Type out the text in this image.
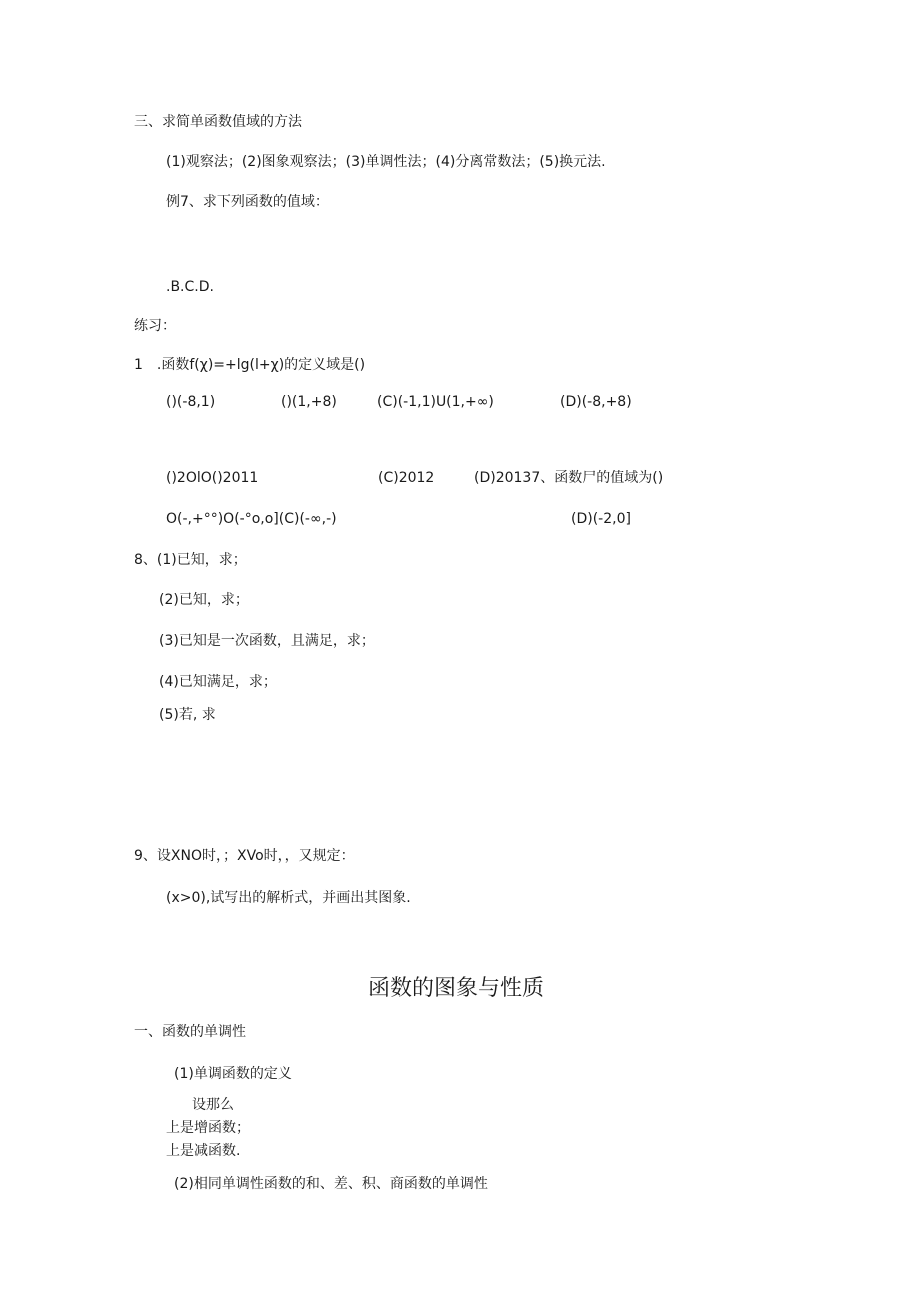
三、求简单函数值域的方法
(1)观察法；(2)图象观察法；(3)单调性法；(4)分离常数法；(5)换元法.
例7、求下列函数的值域：
.B.C.D.
练习：
1　.函数f(χ)=+lg(l+χ)的定义域是()
()(-8,1)	()(1,+8)	(C)(-1,1)U(1,+∞)	(D)(-8,+8)
()2OlO()2011	(C)2012	(D)20137、函数尸的值域为()
O(-,+°°)O(-°o,o](C)(-∞,-)	(D)(-2,0]
8、(1)已知，求；
(2)已知，求；
(3)已知是一次函数，且满足，求；
(4)已知满足，求；
(5)若, 求
9、设XNO时，；XVo时，，又规定：
(x>0),试写出的解析式，并画出其图象.
函数的图象与性质
一、函数的单调性
(1)单调函数的定义
设那么
上是增函数；
上是减函数.
(2)相同单调性函数的和、差、积、商函数的单调性
